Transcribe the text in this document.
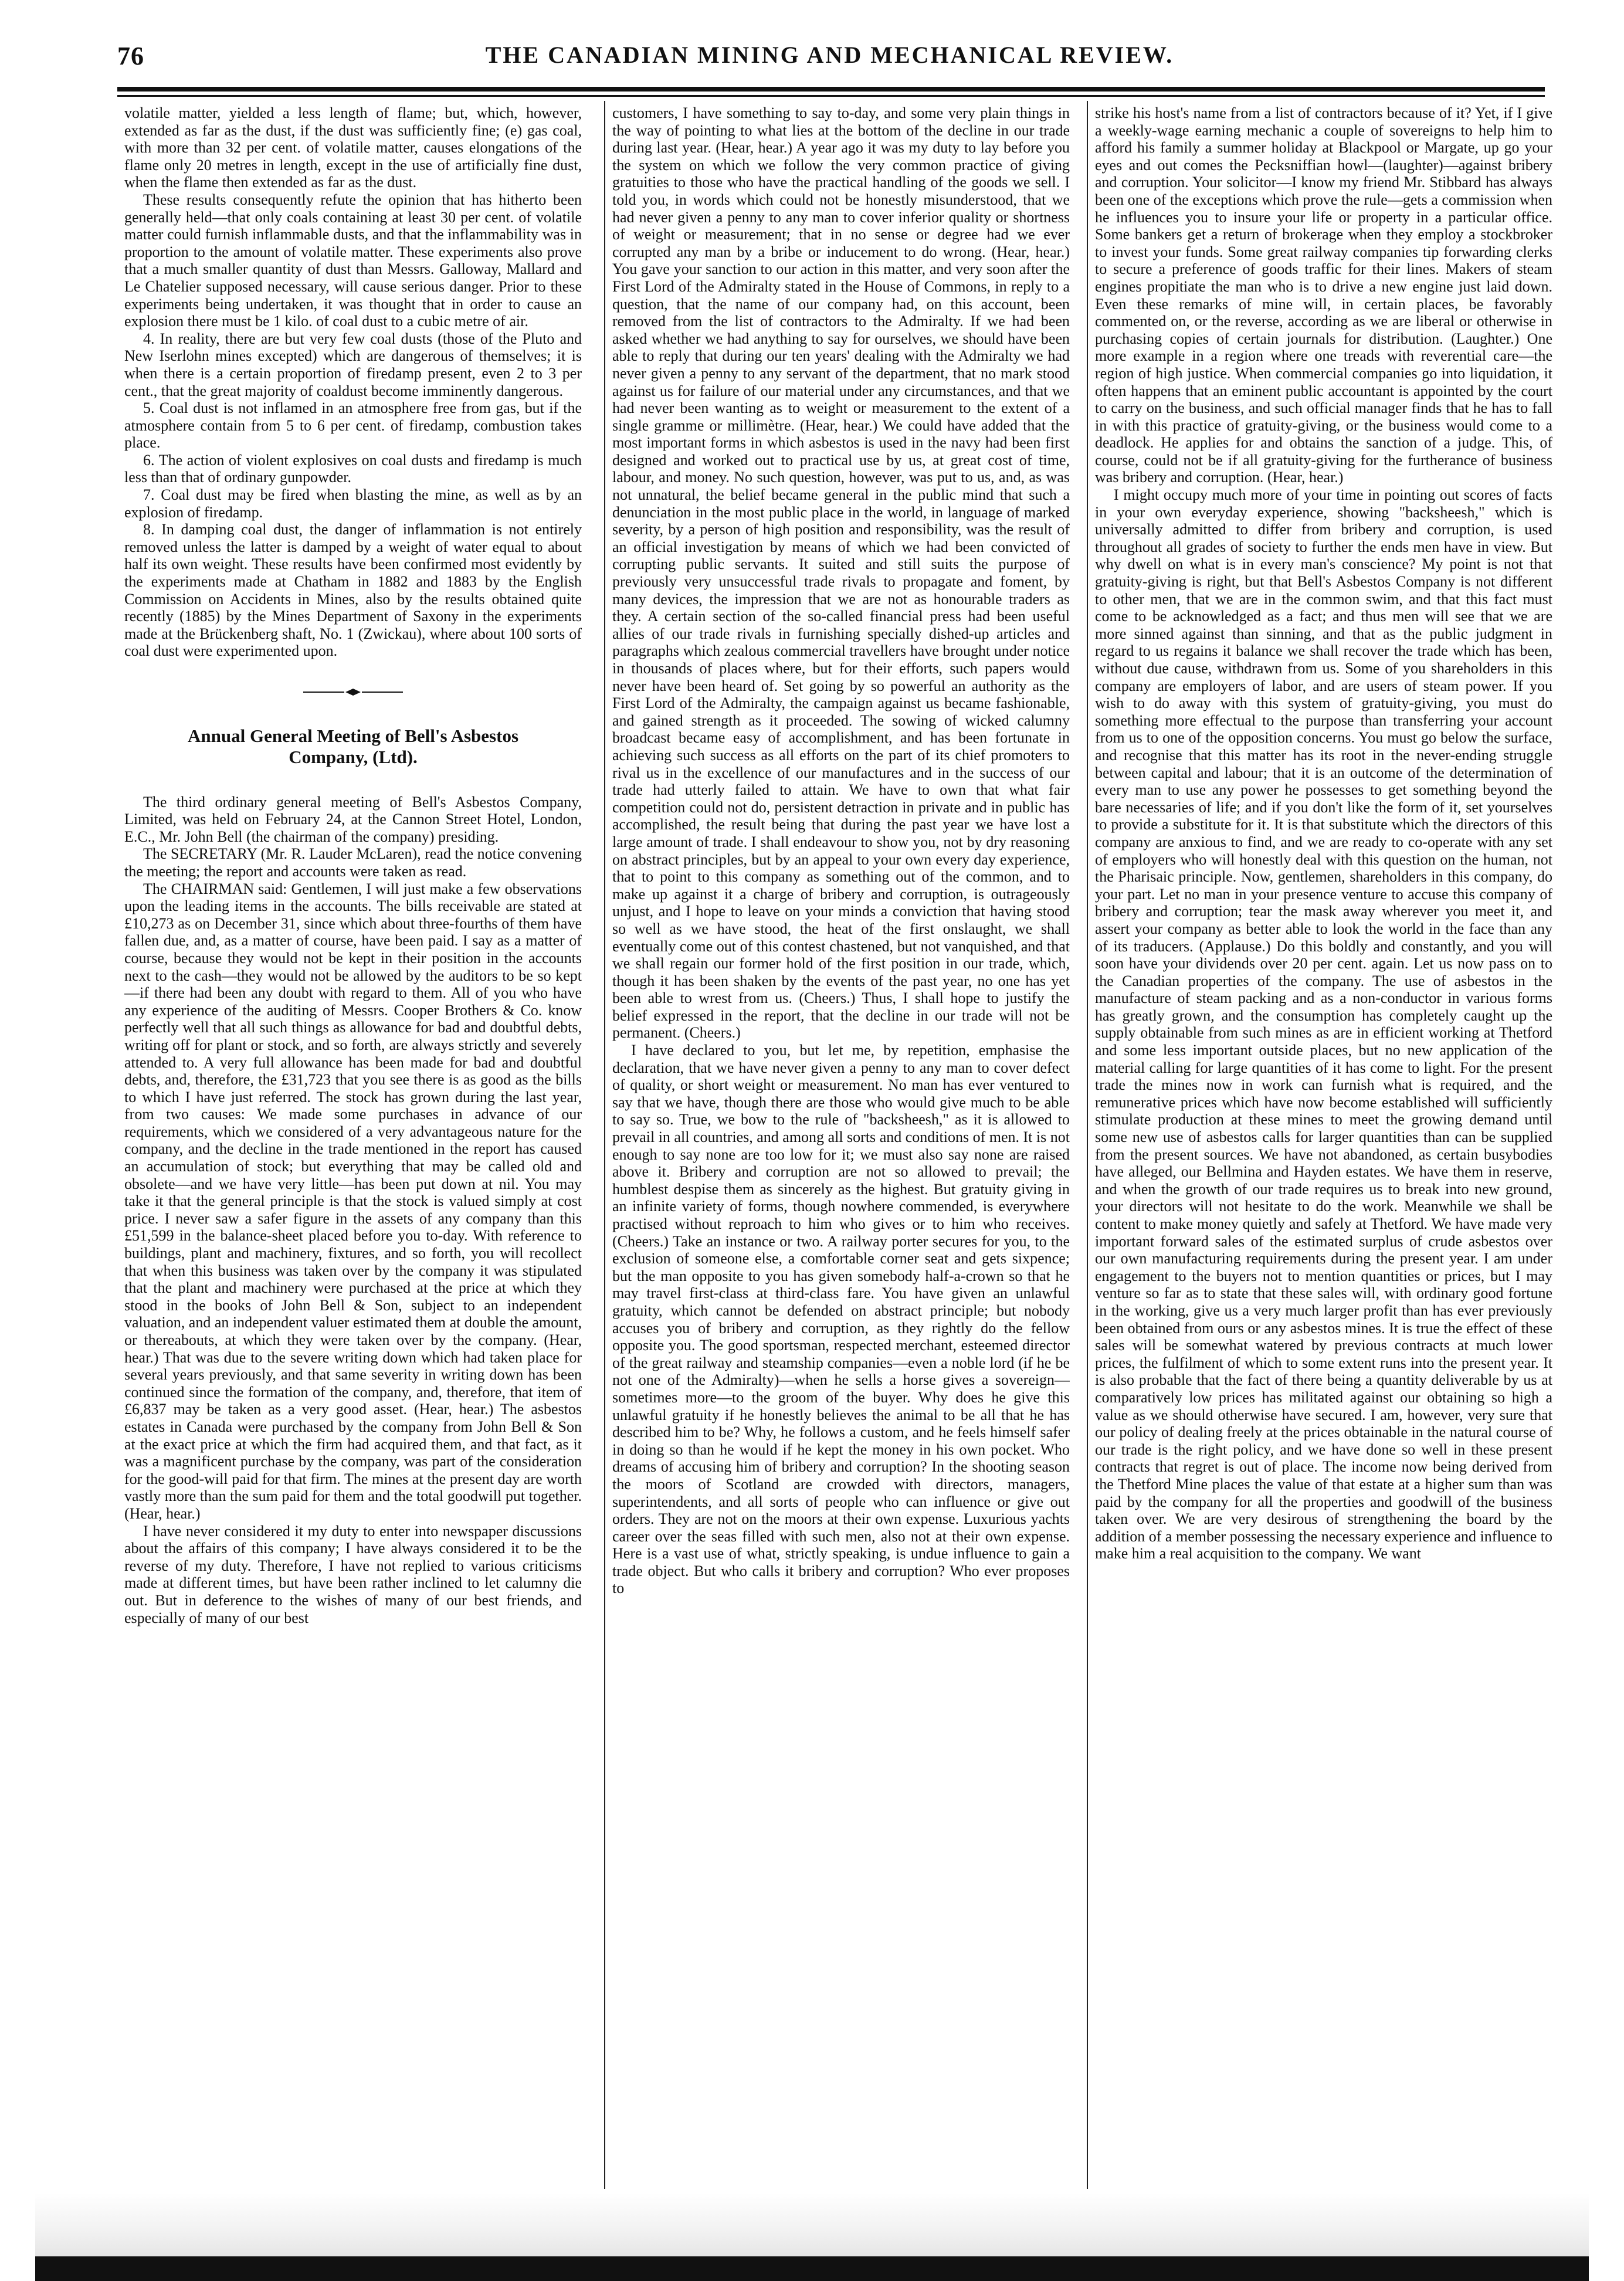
76	THE CANADIAN MINING AND MECHANICAL REVIEW.

volatile matter, yielded a less length of flame; but, which, however, extended as far as the dust, if the dust was sufficiently fine; (e) gas coal, with more than 32 per cent. of volatile matter, causes elongations of the flame only 20 metres in length, except in the use of artificially fine dust, when the flame then extended as far as the dust.

These results consequently refute the opinion that has hitherto been generally held—that only coals containing at least 30 per cent. of volatile matter could furnish inflammable dusts, and that the inflammability was in proportion to the amount of volatile matter. These experiments also prove that a much smaller quantity of dust than Messrs. Galloway, Mallard and Le Chatelier supposed necessary, will cause serious danger. Prior to these experiments being undertaken, it was thought that in order to cause an explosion there must be 1 kilo. of coal dust to a cubic metre of air.

4. In reality, there are but very few coal dusts (those of the Pluto and New Iserlohn mines excepted) which are dangerous of themselves; it is when there is a certain proportion of firedamp present, even 2 to 3 per cent., that the great majority of coaldust become imminently dangerous.

5. Coal dust is not inflamed in an atmosphere free from gas, but if the atmosphere contain from 5 to 6 per cent. of firedamp, combustion takes place.

6. The action of violent explosives on coal dusts and firedamp is much less than that of ordinary gunpowder.

7. Coal dust may be fired when blasting the mine, as well as by an explosion of firedamp.

8. In damping coal dust, the danger of inflammation is not entirely removed unless the latter is damped by a weight of water equal to about half its own weight. These results have been confirmed most evidently by the experiments made at Chatham in 1882 and 1883 by the English Commission on Accidents in Mines, also by the results obtained quite recently (1885) by the Mines Department of Saxony in the experiments made at the Brückenberg shaft, No. 1 (Zwickau), where about 100 sorts of coal dust were experimented upon.

Annual General Meeting of Bell's Asbestos Company, (Ltd).

The third ordinary general meeting of Bell's Asbestos Company, Limited, was held on February 24, at the Cannon Street Hotel, London, E.C., Mr. John Bell (the chairman of the company) presiding.

The SECRETARY (Mr. R. Lauder McLaren), read the notice convening the meeting; the report and accounts were taken as read.

The CHAIRMAN said: Gentlemen, I will just make a few observations upon the leading items in the accounts. The bills receivable are stated at £10,273 as on December 31, since which about three-fourths of them have fallen due, and, as a matter of course, have been paid. I say as a matter of course, because they would not be kept in their position in the accounts next to the cash—they would not be allowed by the auditors to be so kept—if there had been any doubt with regard to them. All of you who have any experience of the auditing of Messrs. Cooper Brothers & Co. know perfectly well that all such things as allowance for bad and doubtful debts, writing off for plant or stock, and so forth, are always strictly and severely attended to. A very full allowance has been made for bad and doubtful debts, and, therefore, the £31,723 that you see there is as good as the bills to which I have just referred. The stock has grown during the last year, from two causes: We made some purchases in advance of our requirements, which we considered of a very advantageous nature for the company, and the decline in the trade mentioned in the report has caused an accumulation of stock; but everything that may be called old and obsolete—and we have very little—has been put down at nil. You may take it that the general principle is that the stock is valued simply at cost price. I never saw a safer figure in the assets of any company than this £51,599 in the balance-sheet placed before you to-day. With reference to buildings, plant and machinery, fixtures, and so forth, you will recollect that when this business was taken over by the company it was stipulated that the plant and machinery were purchased at the price at which they stood in the books of John Bell & Son, subject to an independent valuation, and an independent valuer estimated them at double the amount, or thereabouts, at which they were taken over by the company. (Hear, hear.) That was due to the severe writing down which had taken place for several years previously, and that same severity in writing down has been continued since the formation of the company, and, therefore, that item of £6,837 may be taken as a very good asset. (Hear, hear.) The asbestos estates in Canada were purchased by the company from John Bell & Son at the exact price at which the firm had acquired them, and that fact, as it was a magnificent purchase by the company, was part of the consideration for the good-will paid for that firm. The mines at the present day are worth vastly more than the sum paid for them and the total goodwill put together. (Hear, hear.)

I have never considered it my duty to enter into newspaper discussions about the affairs of this company; I have always considered it to be the reverse of my duty. Therefore, I have not replied to various criticisms made at different times, but have been rather inclined to let calumny die out. But in deference to the wishes of many of our best friends, and especially of many of our best

customers, I have something to say to-day, and some very plain things in the way of pointing to what lies at the bottom of the decline in our trade during last year. (Hear, hear.) A year ago it was my duty to lay before you the system on which we follow the very common practice of giving gratuities to those who have the practical handling of the goods we sell. I told you, in words which could not be honestly misunderstood, that we had never given a penny to any man to cover inferior quality or shortness of weight or measurement; that in no sense or degree had we ever corrupted any man by a bribe or inducement to do wrong. (Hear, hear.) You gave your sanction to our action in this matter, and very soon after the First Lord of the Admiralty stated in the House of Commons, in reply to a question, that the name of our company had, on this account, been removed from the list of contractors to the Admiralty. If we had been asked whether we had anything to say for ourselves, we should have been able to reply that during our ten years' dealing with the Admiralty we had never given a penny to any servant of the department, that no mark stood against us for failure of our material under any circumstances, and that we had never been wanting as to weight or measurement to the extent of a single gramme or millimètre. (Hear, hear.) We could have added that the most important forms in which asbestos is used in the navy had been first designed and worked out to practical use by us, at great cost of time, labour, and money. No such question, however, was put to us, and, as was not unnatural, the belief became general in the public mind that such a denunciation in the most public place in the world, in language of marked severity, by a person of high position and responsibility, was the result of an official investigation by means of which we had been convicted of corrupting public servants. It suited and still suits the purpose of previously very unsuccessful trade rivals to propagate and foment, by many devices, the impression that we are not as honourable traders as they. A certain section of the so-called financial press had been useful allies of our trade rivals in furnishing specially dished-up articles and paragraphs which zealous commercial travellers have brought under notice in thousands of places where, but for their efforts, such papers would never have been heard of. Set going by so powerful an authority as the First Lord of the Admiralty, the campaign against us became fashionable, and gained strength as it proceeded. The sowing of wicked calumny broadcast became easy of accomplishment, and has been fortunate in achieving such success as all efforts on the part of its chief promoters to rival us in the excellence of our manufactures and in the success of our trade had utterly failed to attain. We have to own that what fair competition could not do, persistent detraction in private and in public has accomplished, the result being that during the past year we have lost a large amount of trade. I shall endeavour to show you, not by dry reasoning on abstract principles, but by an appeal to your own every day experience, that to point to this company as something out of the common, and to make up against it a charge of bribery and corruption, is outrageously unjust, and I hope to leave on your minds a conviction that having stood so well as we have stood, the heat of the first onslaught, we shall eventually come out of this contest chastened, but not vanquished, and that we shall regain our former hold of the first position in our trade, which, though it has been shaken by the events of the past year, no one has yet been able to wrest from us. (Cheers.) Thus, I shall hope to justify the belief expressed in the report, that the decline in our trade will not be permanent. (Cheers.)

I have declared to you, but let me, by repetition, emphasise the declaration, that we have never given a penny to any man to cover defect of quality, or short weight or measurement. No man has ever ventured to say that we have, though there are those who would give much to be able to say so. True, we bow to the rule of "backsheesh," as it is allowed to prevail in all countries, and among all sorts and conditions of men. It is not enough to say none are too low for it; we must also say none are raised above it. Bribery and corruption are not so allowed to prevail; the humblest despise them as sincerely as the highest. But gratuity giving in an infinite variety of forms, though nowhere commended, is everywhere practised without reproach to him who gives or to him who receives. (Cheers.) Take an instance or two. A railway porter secures for you, to the exclusion of someone else, a comfortable corner seat and gets sixpence; but the man opposite to you has given somebody half-a-crown so that he may travel first-class at third-class fare. You have given an unlawful gratuity, which cannot be defended on abstract principle; but nobody accuses you of bribery and corruption, as they rightly do the fellow opposite you. The good sportsman, respected merchant, esteemed director of the great railway and steamship companies—even a noble lord (if he be not one of the Admiralty)—when he sells a horse gives a sovereign—sometimes more—to the groom of the buyer. Why does he give this unlawful gratuity if he honestly believes the animal to be all that he has described him to be? Why, he follows a custom, and he feels himself safer in doing so than he would if he kept the money in his own pocket. Who dreams of accusing him of bribery and corruption? In the shooting season the moors of Scotland are crowded with directors, managers, superintendents, and all sorts of people who can influence or give out orders. They are not on the moors at their own expense. Luxurious yachts career over the seas filled with such men, also not at their own expense. Here is a vast use of what, strictly speaking, is undue influence to gain a trade object. But who calls it bribery and corruption? Who ever proposes to

strike his host's name from a list of contractors because of it? Yet, if I give a weekly-wage earning mechanic a couple of sovereigns to help him to afford his family a summer holiday at Blackpool or Margate, up go your eyes and out comes the Pecksniffian howl—(laughter)—against bribery and corruption. Your solicitor—I know my friend Mr. Stibbard has always been one of the exceptions which prove the rule—gets a commission when he influences you to insure your life or property in a particular office. Some bankers get a return of brokerage when they employ a stockbroker to invest your funds. Some great railway companies tip forwarding clerks to secure a preference of goods traffic for their lines. Makers of steam engines propitiate the man who is to drive a new engine just laid down. Even these remarks of mine will, in certain places, be favorably commented on, or the reverse, according as we are liberal or otherwise in purchasing copies of certain journals for distribution. (Laughter.) One more example in a region where one treads with reverential care—the region of high justice. When commercial companies go into liquidation, it often happens that an eminent public accountant is appointed by the court to carry on the business, and such official manager finds that he has to fall in with this practice of gratuity-giving, or the business would come to a deadlock. He applies for and obtains the sanction of a judge. This, of course, could not be if all gratuity-giving for the furtherance of business was bribery and corruption. (Hear, hear.)

I might occupy much more of your time in pointing out scores of facts in your own everyday experience, showing "backsheesh," which is universally admitted to differ from bribery and corruption, is used throughout all grades of society to further the ends men have in view. But why dwell on what is in every man's conscience? My point is not that gratuity-giving is right, but that Bell's Asbestos Company is not different to other men, that we are in the common swim, and that this fact must come to be acknowledged as a fact; and thus men will see that we are more sinned against than sinning, and that as the public judgment in regard to us regains it balance we shall recover the trade which has been, without due cause, withdrawn from us. Some of you shareholders in this company are employers of labor, and are users of steam power. If you wish to do away with this system of gratuity-giving, you must do something more effectual to the purpose than transferring your account from us to one of the opposition concerns. You must go below the surface, and recognise that this matter has its root in the never-ending struggle between capital and labour; that it is an outcome of the determination of every man to use any power he possesses to get something beyond the bare necessaries of life; and if you don't like the form of it, set yourselves to provide a substitute for it. It is that substitute which the directors of this company are anxious to find, and we are ready to co-operate with any set of employers who will honestly deal with this question on the human, not the Pharisaic principle. Now, gentlemen, shareholders in this company, do your part. Let no man in your presence venture to accuse this company of bribery and corruption; tear the mask away wherever you meet it, and assert your company as better able to look the world in the face than any of its traducers. (Applause.) Do this boldly and constantly, and you will soon have your dividends over 20 per cent. again. Let us now pass on to the Canadian properties of the company. The use of asbestos in the manufacture of steam packing and as a non-conductor in various forms has greatly grown, and the consumption has completely caught up the supply obtainable from such mines as are in efficient working at Thetford and some less important outside places, but no new application of the material calling for large quantities of it has come to light. For the present trade the mines now in work can furnish what is required, and the remunerative prices which have now become established will sufficiently stimulate production at these mines to meet the growing demand until some new use of asbestos calls for larger quantities than can be supplied from the present sources. We have not abandoned, as certain busybodies have alleged, our Bellmina and Hayden estates. We have them in reserve, and when the growth of our trade requires us to break into new ground, your directors will not hesitate to do the work. Meanwhile we shall be content to make money quietly and safely at Thetford. We have made very important forward sales of the estimated surplus of crude asbestos over our own manufacturing requirements during the present year. I am under engagement to the buyers not to mention quantities or prices, but I may venture so far as to state that these sales will, with ordinary good fortune in the working, give us a very much larger profit than has ever previously been obtained from ours or any asbestos mines. It is true the effect of these sales will be somewhat watered by previous contracts at much lower prices, the fulfilment of which to some extent runs into the present year. It is also probable that the fact of there being a quantity deliverable by us at comparatively low prices has militated against our obtaining so high a value as we should otherwise have secured. I am, however, very sure that our policy of dealing freely at the prices obtainable in the natural course of our trade is the right policy, and we have done so well in these present contracts that regret is out of place. The income now being derived from the Thetford Mine places the value of that estate at a higher sum than was paid by the company for all the properties and goodwill of the business taken over. We are very desirous of strengthening the board by the addition of a member possessing the necessary experience and influence to make him a real acquisition to the company. We want
